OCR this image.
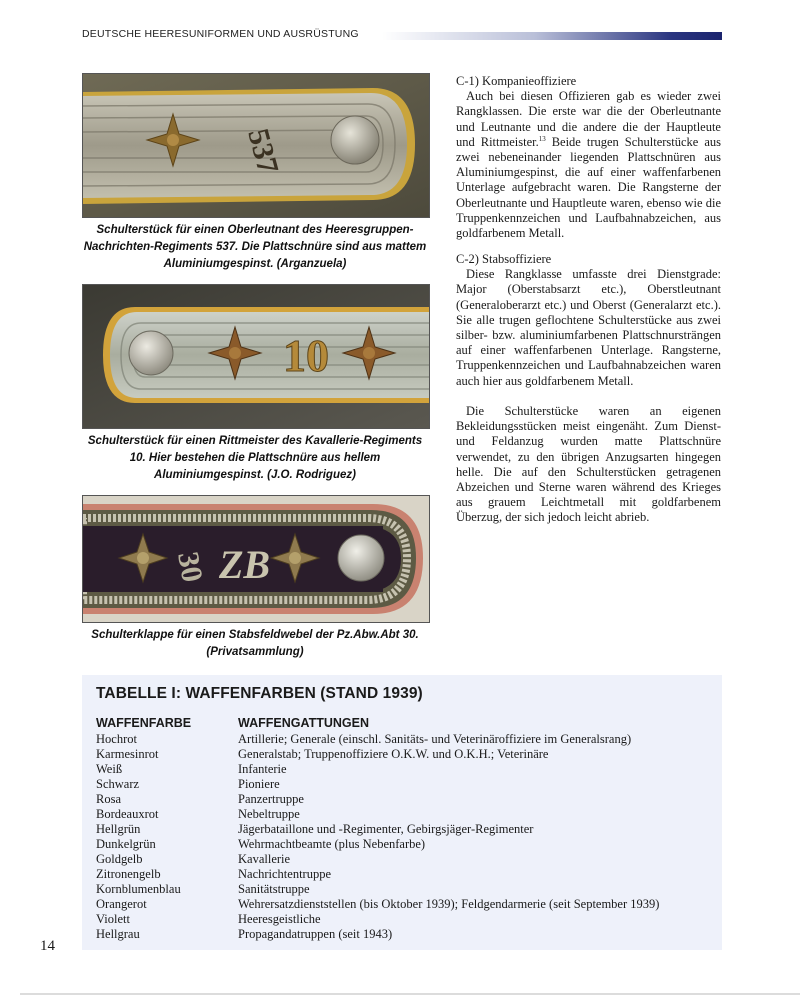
DEUTSCHE HEERESUNIFORMEN UND AUSRÜSTUNG
537
Schulterstück für einen Oberleutnant des Heeresgruppen-Nachrichten-Regiments 537. Die Plattschnüre sind aus mattem Aluminiumgespinst. (Arganzuela)
10
Schulterstück für einen Rittmeister des Kavallerie-Regiments 10. Hier bestehen die Plattschnüre aus hellem Aluminiumgespinst. (J.O. Rodriguez)
30 ZB
Schulterklappe für einen Stabsfeldwebel der Pz.Abw.Abt 30. (Privatsammlung)
C-1) Kompanieoffiziere

Auch bei diesen Offizieren gab es wieder zwei Rangklassen. Die erste war die der Oberleutnante und Leutnante und die andere die der Hauptleute und Rittmeister.$^{13}$ Beide trugen Schulterstücke aus zwei nebeneinander liegenden Plattschnüren aus Aluminiumgespinst, die auf einer waffenfarbenen Unterlage aufgebracht waren. Die Rangsterne der Oberleutnante und Hauptleute waren, ebenso wie die Truppenkennzeichen und Laufbahnabzeichen, aus goldfarbenem Metall.

C-2) Stabsoffiziere

Diese Rangklasse umfasste drei Dienstgrade: Major (Oberstabsarzt etc.), Oberstleutnant (Generaloberarzt etc.) und Oberst (Generalarzt etc.). Sie alle trugen geflochtene Schulterstücke aus zwei silber- bzw. aluminiumfarbenen Plattschnursträngen auf einer waffenfarbenen Unterlage. Rangsterne, Truppenkennzeichen und Laufbahnabzeichen waren auch hier aus goldfarbenem Metall.

Die Schulterstücke waren an eigenen Bekleidungsstücken meist eingenäht. Zum Dienst- und Feldanzug wurden matte Plattschnüre verwendet, zu den übrigen Anzugsarten hingegen helle. Die auf den Schulterstücken getragenen Abzeichen und Sterne waren während des Krieges aus grauem Leichtmetall mit goldfarbenem Überzug, der sich jedoch leicht abrieb.

TABELLE I: WAFFENFARBEN (STAND 1939)
WAFFENFARBE	WAFFENGATTUNGEN
Hochrot	Artillerie; Generale (einschl. Sanitäts- und Veterinäroffiziere im Generalsrang)
Karmesinrot	Generalstab; Truppenoffiziere O.K.W. und O.K.H.; Veterinäre
Weiß	Infanterie
Schwarz	Pioniere
Rosa	Panzertruppe
Bordeauxrot	Nebeltruppe
Hellgrün	Jägerbataillone und -Regimenter, Gebirgsjäger-Regimenter
Dunkelgrün	Wehrmachtbeamte (plus Nebenfarbe)
Goldgelb	Kavallerie
Zitronengelb	Nachrichtentruppe
Kornblumenblau	Sanitätstruppe
Orangerot	Wehrersatzdienststellen (bis Oktober 1939); Feldgendarmerie (seit September 1939)
Violett	Heeresgeistliche
Hellgrau	Propagandatruppen (seit 1943)
14
